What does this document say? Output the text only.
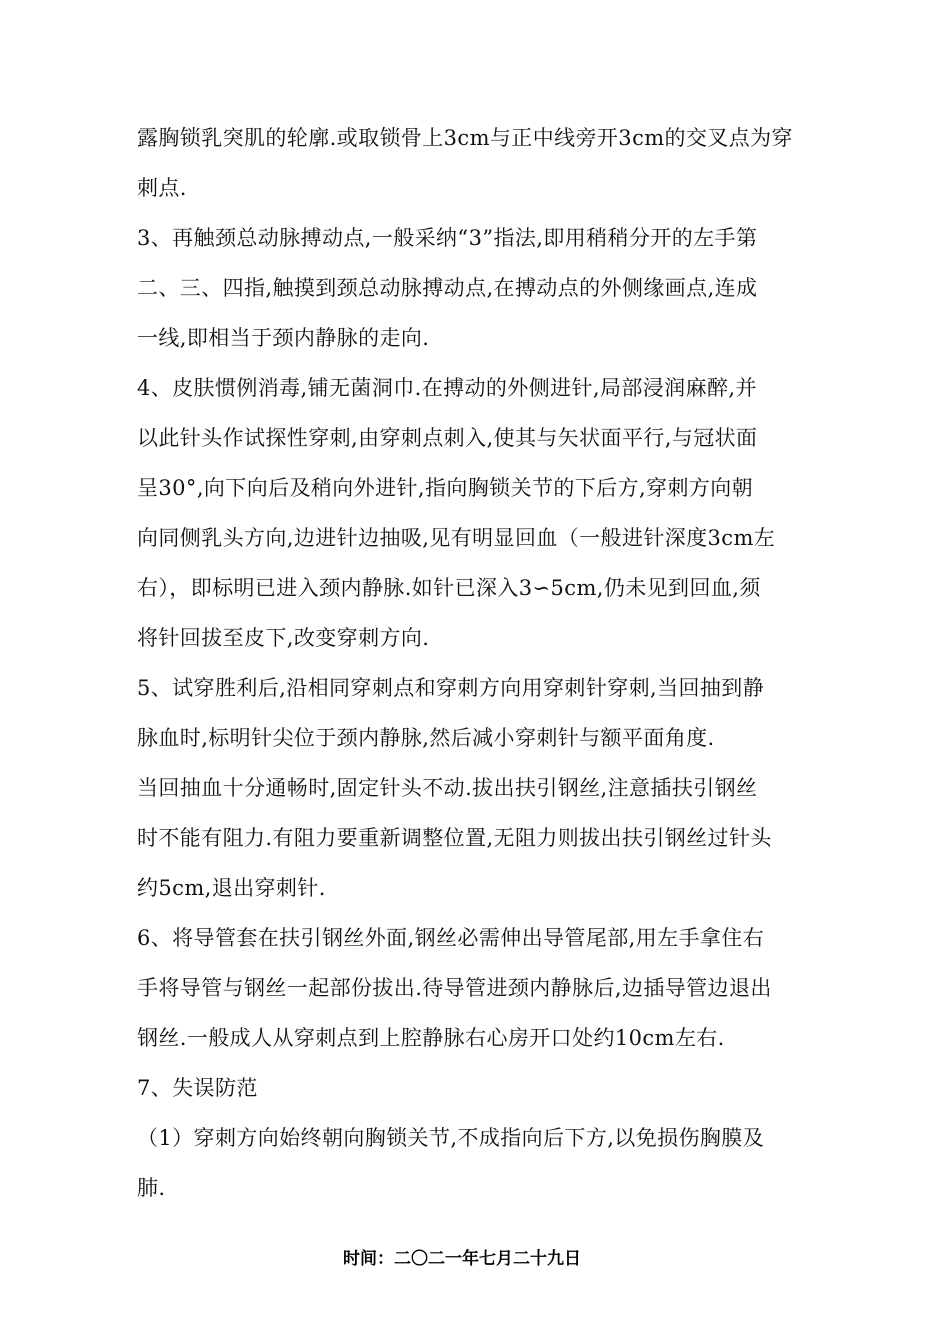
露胸锁乳突肌的轮廓.或取锁骨上3cm与正中线旁开3cm的交叉点为穿
刺点.
3、再触颈总动脉搏动点,一般采纳“3”指法,即用稍稍分开的左手第
二、三、四指,触摸到颈总动脉搏动点,在搏动点的外侧缘画点,连成
一线,即相当于颈内静脉的走向.
4、皮肤惯例消毒,铺无菌洞巾.在搏动的外侧进针,局部浸润麻醉,并
以此针头作试探性穿刺,由穿刺点刺入,使其与矢状面平行,与冠状面
呈30°,向下向后及稍向外进针,指向胸锁关节的下后方,穿刺方向朝
向同侧乳头方向,边进针边抽吸,见有明显回血（一般进针深度3cm左
右），即标明已进入颈内静脉.如针已深入3∽5cm,仍未见到回血,须
将针回拔至皮下,改变穿刺方向.
5、试穿胜利后,沿相同穿刺点和穿刺方向用穿刺针穿刺,当回抽到静
脉血时,标明针尖位于颈内静脉,然后减小穿刺针与额平面角度.
当回抽血十分通畅时,固定针头不动.拔出扶引钢丝,注意插扶引钢丝
时不能有阻力.有阻力要重新调整位置,无阻力则拔出扶引钢丝过针头
约5cm,退出穿刺针.
6、将导管套在扶引钢丝外面,钢丝必需伸出导管尾部,用左手拿住右
手将导管与钢丝一起部份拔出.待导管进颈内静脉后,边插导管边退出
钢丝.一般成人从穿刺点到上腔静脉右心房开口处约10cm左右.
7、失误防范
（1）穿刺方向始终朝向胸锁关节,不成指向后下方,以免损伤胸膜及
肺.
时间：二〇二一年七月二十九日
